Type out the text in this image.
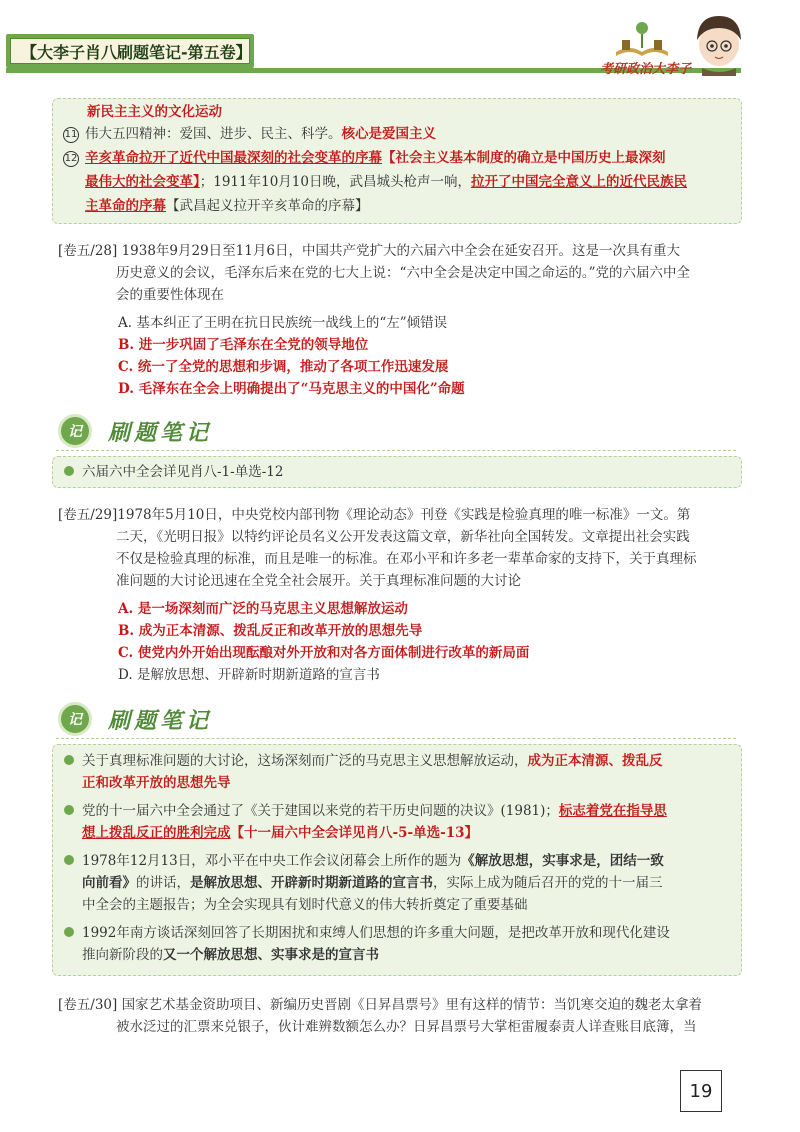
【大李子肖八刷题笔记-第五卷】
考研政治大李子
新民主主义的文化运动
11 伟大五四精神：爱国、进步、民主、科学。核心是爱国主义
12 辛亥革命拉开了近代中国最深刻的社会变革的序幕【社会主义基本制度的确立是中国历史上最深刻
最伟大的社会变革】；1911年10月10日晚，武昌城头枪声一响，拉开了中国完全意义上的近代民族民
主革命的序幕【武昌起义拉开辛亥革命的序幕】
[卷五/28] 1938年9月29日至11月6日，中国共产党扩大的六届六中全会在延安召开。这是一次具有重大
历史意义的会议，毛泽东后来在党的七大上说：“六中全会是决定中国之命运的。”党的六届六中全
会的重要性体现在
A. 基本纠正了王明在抗日民族统一战线上的“左”倾错误
B. 进一步巩固了毛泽东在全党的领导地位
C. 统一了全党的思想和步调，推动了各项工作迅速发展
D. 毛泽东在全会上明确提出了“马克思主义的中国化”命题
记	刷题笔记
六届六中全会详见肖八-1-单选-12
[卷五/29]1978年5月10日，中央党校内部刊物《理论动态》刊登《实践是检验真理的唯一标准》一文。第
二天，《光明日报》以特约评论员名义公开发表这篇文章，新华社向全国转发。文章提出社会实践
不仅是检验真理的标准，而且是唯一的标准。在邓小平和许多老一辈革命家的支持下，关于真理标
准问题的大讨论迅速在全党全社会展开。关于真理标准问题的大讨论
A. 是一场深刻而广泛的马克思主义思想解放运动
B. 成为正本清源、拨乱反正和改革开放的思想先导
C. 使党内外开始出现酝酿对外开放和对各方面体制进行改革的新局面
D. 是解放思想、开辟新时期新道路的宣言书
记	刷题笔记
关于真理标准问题的大讨论，这场深刻而广泛的马克思主义思想解放运动，成为正本清源、拨乱反
正和改革开放的思想先导
党的十一届六中全会通过了《关于建国以来党的若干历史问题的决议》(1981)；标志着党在指导思
想上拨乱反正的胜利完成【十一届六中全会详见肖八-5-单选-13】
1978年12月13日，邓小平在中央工作会议闭幕会上所作的题为《解放思想，实事求是，团结一致
向前看》的讲话，是解放思想、开辟新时期新道路的宣言书，实际上成为随后召开的党的十一届三
中全会的主题报告；为全会实现具有划时代意义的伟大转折奠定了重要基础
1992年南方谈话深刻回答了长期困扰和束缚人们思想的许多重大问题，是把改革开放和现代化建设
推向新阶段的又一个解放思想、实事求是的宣言书
[卷五/30] 国家艺术基金资助项目、新编历史晋剧《日昇昌票号》里有这样的情节：当饥寒交迫的魏老太拿着
被水泛过的汇票来兑银子，伙计难辨数额怎么办？日昇昌票号大掌柜雷履泰责人详查账目底簿，当
19
